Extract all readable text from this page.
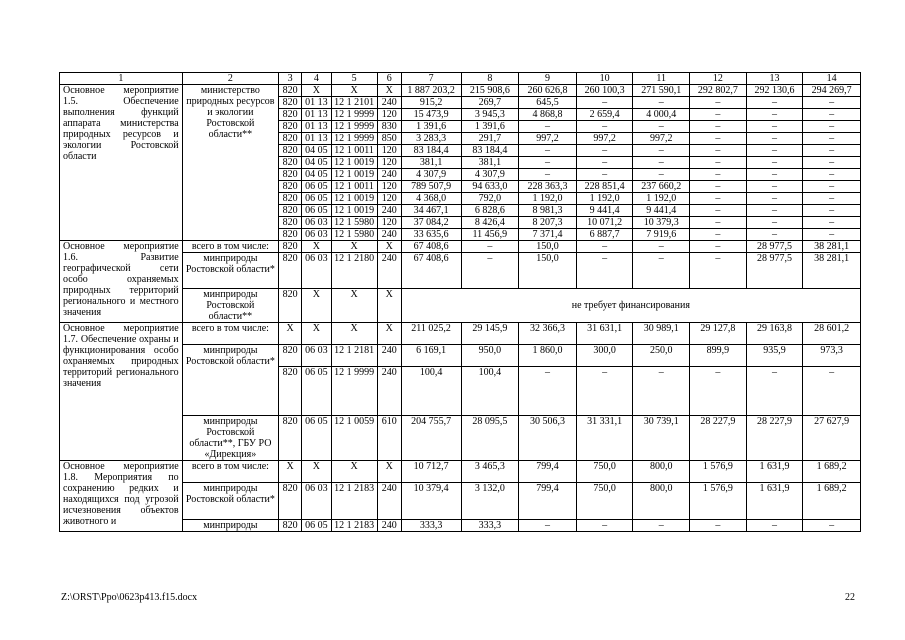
1	2	3	4	5	6	7	8	9	10	11	12	13	14
Основное мероприятие 1.5. Обеспечение выполнения функций аппарата министерства природных ресурсов и экологии Ростовской области	министерство природных ресурсов и экологии Ростовской области**	820	Х	Х	Х	1 887 203,2	215 908,6	260 626,8	260 100,3	271 590,1	292 802,7	292 130,6	294 269,7
		820	01 13	12 1 2101	240	915,2	269,7	645,5	–	–	–	–	–
		820	01 13	12 1 9999	120	15 473,9	3 945,3	4 868,8	2 659,4	4 000,4	–	–	–
		820	01 13	12 1 9999	830	1 391,6	1 391,6	–	–	–	–	–	–
		820	01 13	12 1 9999	850	3 283,3	291,7	997,2	997,2	997,2	–	–	–
		820	04 05	12 1 0011	120	83 184,4	83 184,4	–	–	–	–	–	–
		820	04 05	12 1 0019	120	381,1	381,1	–	–	–	–	–	–
		820	04 05	12 1 0019	240	4 307,9	4 307,9	–	–	–	–	–	–
		820	06 05	12 1 0011	120	789 507,9	94 633,0	228 363,3	228 851,4	237 660,2	–	–	–
		820	06 05	12 1 0019	120	4 368,0	792,0	1 192,0	1 192,0	1 192,0	–	–	–
		820	06 05	12 1 0019	240	34 467,1	6 828,6	8 981,3	9 441,4	9 441,4	–	–	–
		820	06 03	12 1 5980	120	37 084,2	8 426,4	8 207,3	10 071,2	10 379,3	–	–	–
		820	06 03	12 1 5980	240	33 635,6	11 456,9	7 371,4	6 887,7	7 919,6	–	–	–
Основное мероприятие 1.6. Развитие географической сети особо охраняемых природных территорий регионального и местного значения	всего в том числе:	820	Х	Х	Х	67 408,6	–	150,0	–	–	–	28 977,5	38 281,1
	минприроды Ростовской области*	820	06 03	12 1 2180	240	67 408,6	–	150,0	–	–	–	28 977,5	38 281,1
	минприроды Ростовской области**	820	Х	Х	Х	не требует финансирования							
Основное мероприятие 1.7. Обеспечение охраны и функционирования особо охраняемых природных территорий регионального значения	всего в том числе:	Х	Х	Х	Х	211 025,2	29 145,9	32 366,3	31 631,1	30 989,1	29 127,8	29 163,8	28 601,2
	минприроды Ростовской области*	820	06 03	12 1 2181	240	6 169,1	950,0	1 860,0	300,0	250,0	899,9	935,9	973,3
		820	06 05	12 1 9999	240	100,4	100,4	–	–	–	–	–	–
	минприроды Ростовской области**, ГБУ РО «Дирекция»	820	06 05	12 1 0059	610	204 755,7	28 095,5	30 506,3	31 331,1	30 739,1	28 227,9	28 227,9	27 627,9
Основное мероприятие 1.8. Мероприятия по сохранению редких и находящихся под угрозой исчезновения объектов животного и	всего в том числе:	Х	Х	Х	Х	10 712,7	3 465,3	799,4	750,0	800,0	1 576,9	1 631,9	1 689,2
	минприроды Ростовской области*	820	06 03	12 1 2183	240	10 379,4	3 132,0	799,4	750,0	800,0	1 576,9	1 631,9	1 689,2
	минприроды	820	06 05	12 1 2183	240	333,3	333,3	–	–	–	–	–	–
Z:\ORST\Ppo\0623p413.f15.docx	22
